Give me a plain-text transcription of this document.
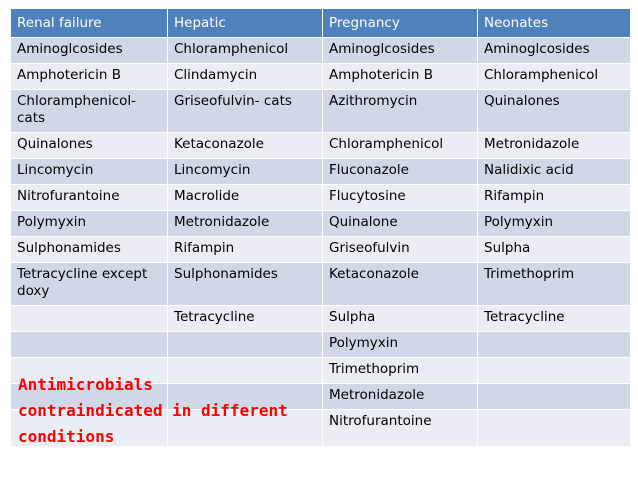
Renal failure	Hepatic	Pregnancy	Neonates
Aminoglcosides	Chloramphenicol	Aminoglcosides	Aminoglcosides
Amphotericin B	Clindamycin	Amphotericin B	Chloramphenicol
Chloramphenicol-cats	Griseofulvin- cats	Azithromycin	Quinalones
Quinalones	Ketaconazole	Chloramphenicol	Metronidazole
Lincomycin	Lincomycin	Fluconazole	Nalidixic acid
Nitrofurantoine	Macrolide	Flucytosine	Rifampin
Polymyxin	Metronidazole	Quinalone	Polymyxin
Sulphonamides	Rifampin	Griseofulvin	Sulpha
Tetracycline except doxy	Sulphonamides	Ketaconazole	Trimethoprim
	Tetracycline	Sulpha	Tetracycline
		Polymyxin	
		Trimethoprim	
		Metronidazole	
		Nitrofurantoine	
Antimicrobials
contraindicated in different
conditions
